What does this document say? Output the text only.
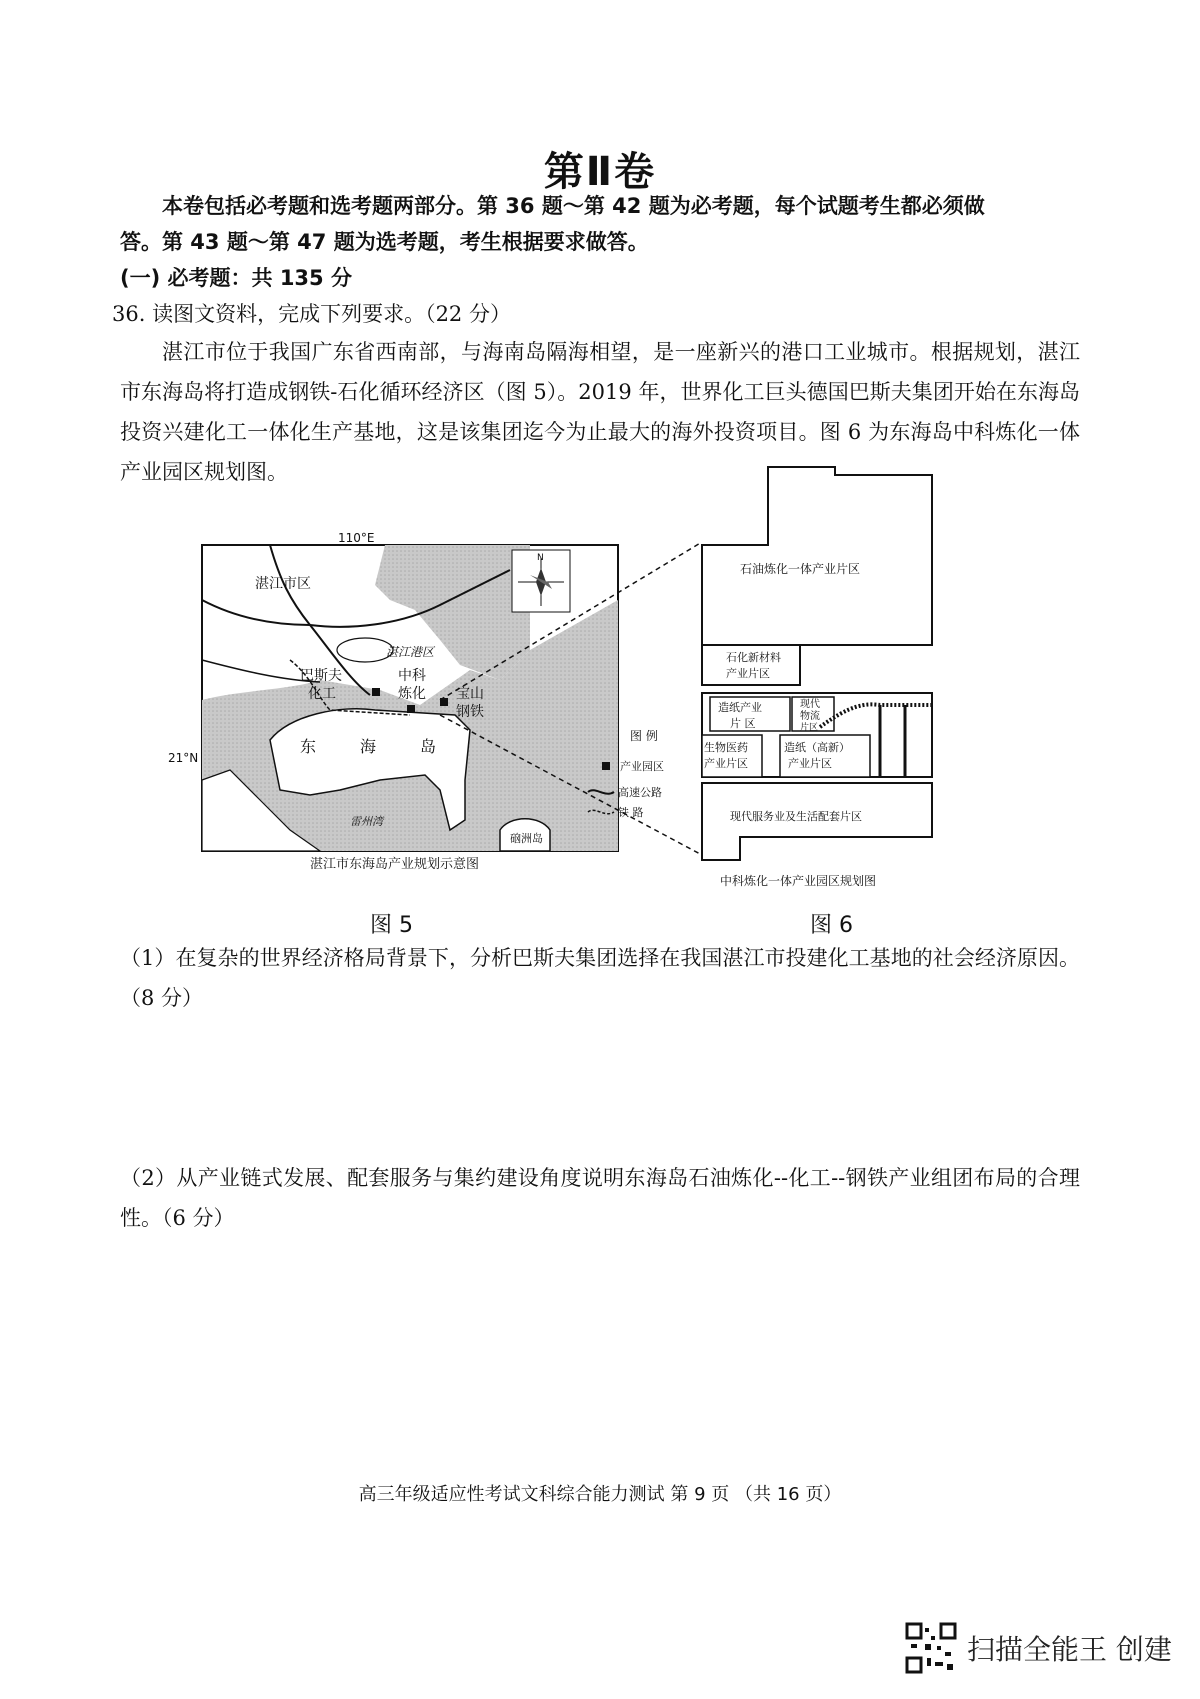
第Ⅱ卷
本卷包括必考题和选考题两部分。第 36 题～第 42 题为必考题，每个试题考生都必须做
答。第 43 题～第 47 题为选考题，考生根据要求做答。
(一) 必考题：共 135 分
36. 读图文资料，完成下列要求。（22 分）
湛江市位于我国广东省西南部，与海南岛隔海相望，是一座新兴的港口工业城市。根据规划，湛江市东海岛将打造成钢铁-石化循环经济区（图 5）。2019 年，世界化工巨头德国巴斯夫集团开始在东海岛投资兴建化工一体化生产基地，这是该集团迄今为止最大的海外投资项目。图 6 为东海岛中科炼化一体产业园区规划图。
110°E
21°N
湛江市区
湛江港区
巴斯夫
化工
中科
炼化 宝山
钢铁
东	海	岛
雷州湾
硇洲岛
N
图 例
产业园区
高速公路
铁 路
湛江市东海岛产业规划示意图
石油炼化一体产业片区
石化新材料
产业片区
造纸产业
片 区
现代
物流
片区
生物医药
产业片区
造纸（高新）
产业片区
现代服务业及生活配套片区
中科炼化一体产业园区规划图
图 5	图 6
（1）在复杂的世界经济格局背景下，分析巴斯夫集团选择在我国湛江市投建化工基地的社会经济原因。（8 分）
（2）从产业链式发展、配套服务与集约建设角度说明东海岛石油炼化--化工--钢铁产业组团布局的合理性。（6 分）
高三年级适应性考试文科综合能力测试 第 9 页 （共 16 页）
扫描全能王 创建
